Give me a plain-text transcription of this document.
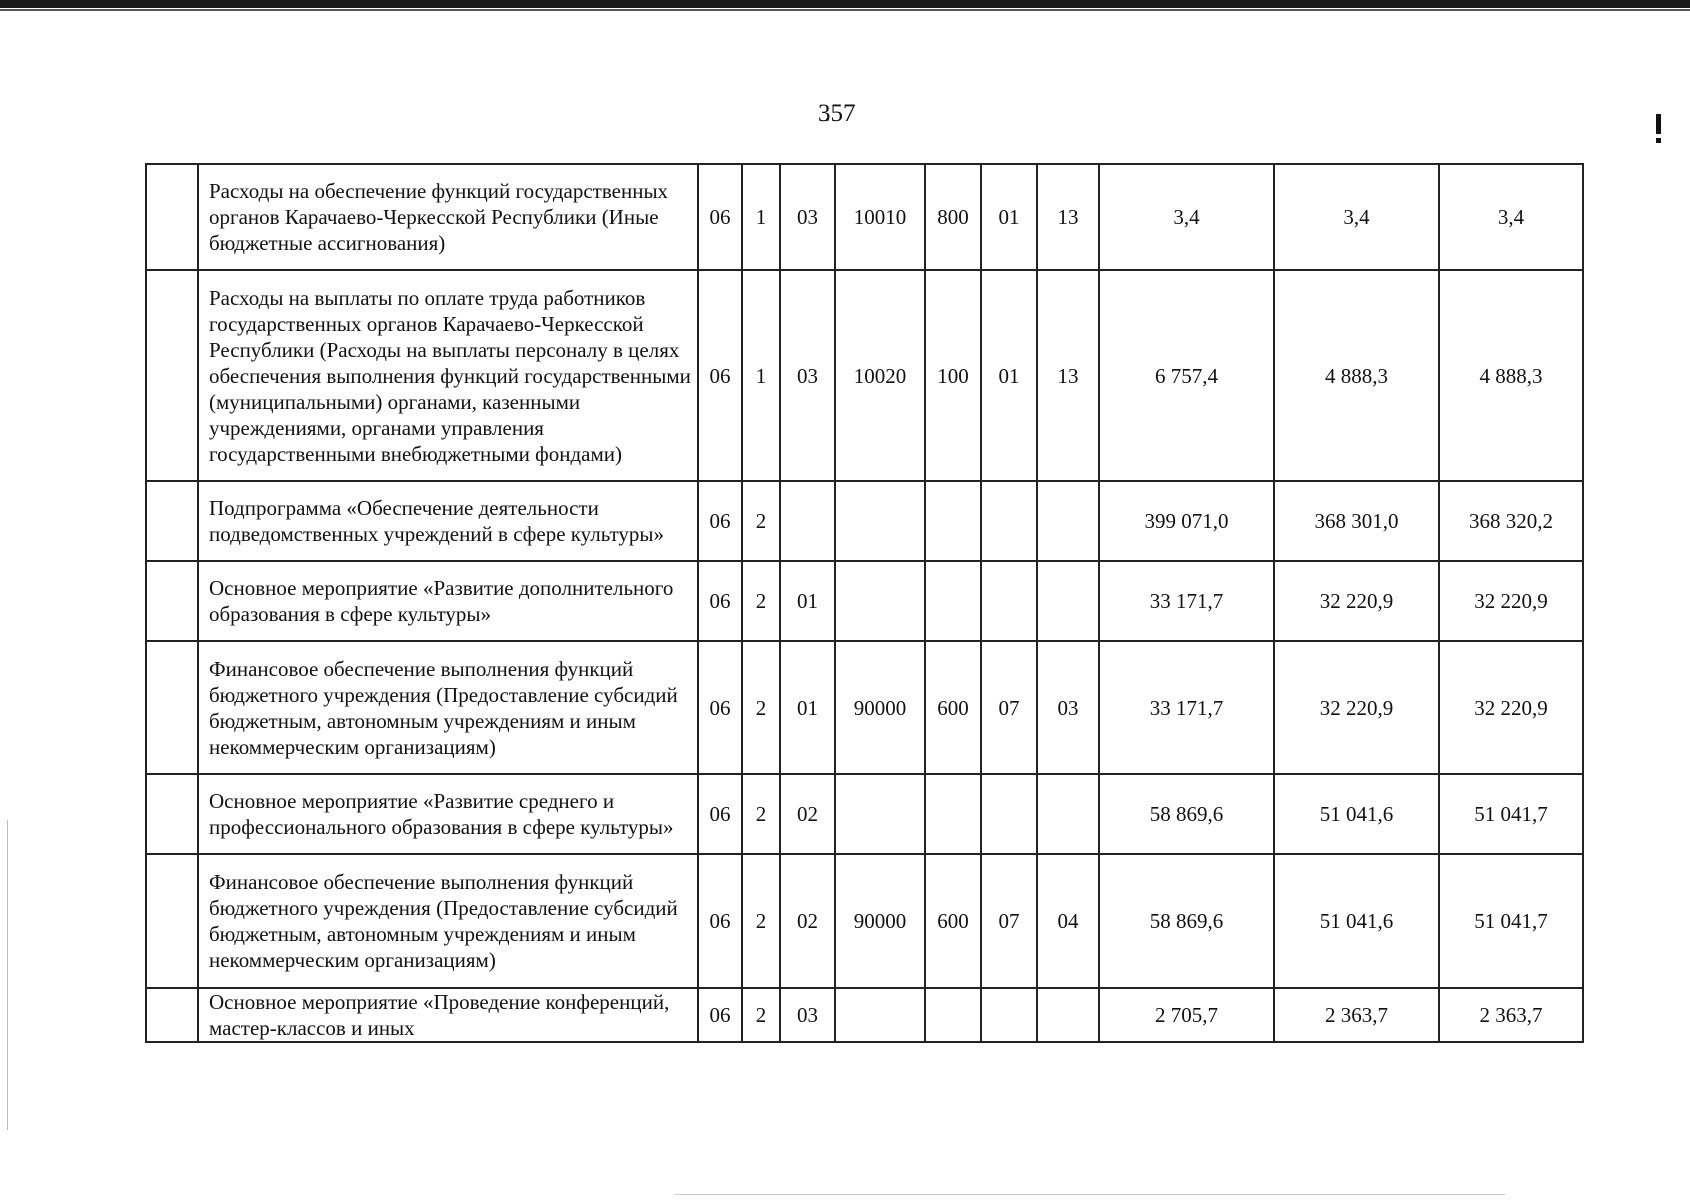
357
	Расходы на обеспечение функций государственных органов Карачаево-Черкесской Республики (Иные бюджетные ассигнования)	06	1	03	10010	800	01	13	3,4	3,4	3,4
	Расходы на выплаты по оплате труда работников государственных органов Карачаево-Черкесской Республики (Расходы на выплаты персоналу в целях обеспечения выполнения функций государственными (муниципальными) органами, казенными учреждениями, органами управления государственными внебюджетными фондами)	06	1	03	10020	100	01	13	6 757,4	4 888,3	4 888,3
	Подпрограмма «Обеспечение деятельности подведомственных учреждений в сфере культуры»	06	2						399 071,0	368 301,0	368 320,2
	Основное мероприятие «Развитие дополнительного образования в сфере культуры»	06	2	01					33 171,7	32 220,9	32 220,9
	Финансовое обеспечение выполнения функций бюджетного учреждения (Предоставление субсидий бюджетным, автономным учреждениям и иным некоммерческим организациям)	06	2	01	90000	600	07	03	33 171,7	32 220,9	32 220,9
	Основное мероприятие «Развитие среднего и профессионального образования в сфере культуры»	06	2	02					58 869,6	51 041,6	51 041,7
	Финансовое обеспечение выполнения функций бюджетного учреждения (Предоставление субсидий бюджетным, автономным учреждениям и иным некоммерческим организациям)	06	2	02	90000	600	07	04	58 869,6	51 041,6	51 041,7
	Основное мероприятие «Проведение конференций, мастер-классов и иных	06	2	03					2 705,7	2 363,7	2 363,7
